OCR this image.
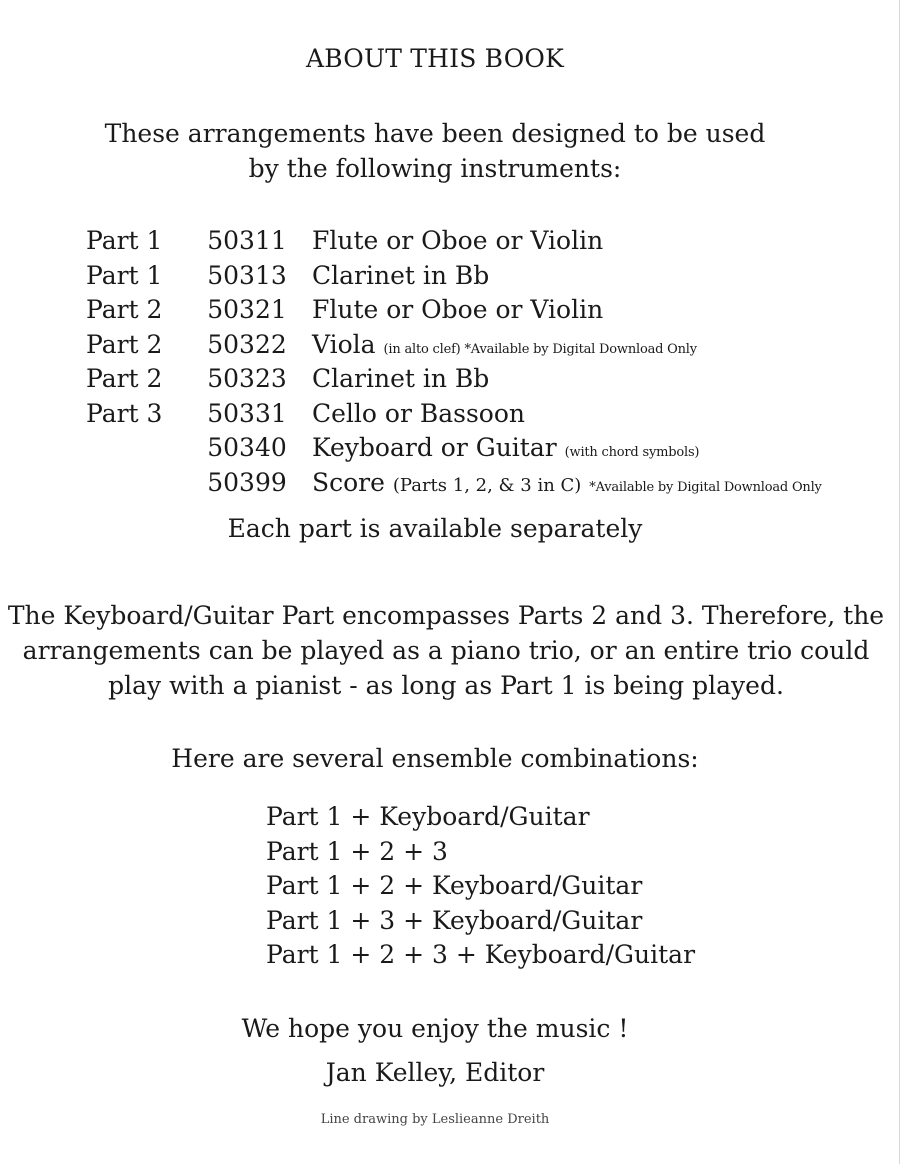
ABOUT THIS BOOK
These arrangements have been designed to be used
by the following instruments:
Part 1 50311 Flute or Oboe or Violin
Part 1 50313 Clarinet in Bb
Part 2 50321 Flute or Oboe or Violin
Part 2 50322 Viola (in alto clef) *Available by Digital Download Only
Part 2 50323 Clarinet in Bb
Part 3 50331 Cello or Bassoon
50340 Keyboard or Guitar (with chord symbols)
50399 Score (Parts 1, 2, & 3 in C) *Available by Digital Download Only
Each part is available separately
The Keyboard/Guitar Part encompasses Parts 2 and 3. Therefore, the
arrangements can be played as a piano trio, or an entire trio could
play with a pianist - as long as Part 1 is being played.
Here are several ensemble combinations:
Part 1 + Keyboard/Guitar
Part 1 + 2 + 3
Part 1 + 2 + Keyboard/Guitar
Part 1 + 3 + Keyboard/Guitar
Part 1 + 2 + 3 + Keyboard/Guitar
We hope you enjoy the music !
Jan Kelley, Editor
Line drawing by Leslieanne Dreith
